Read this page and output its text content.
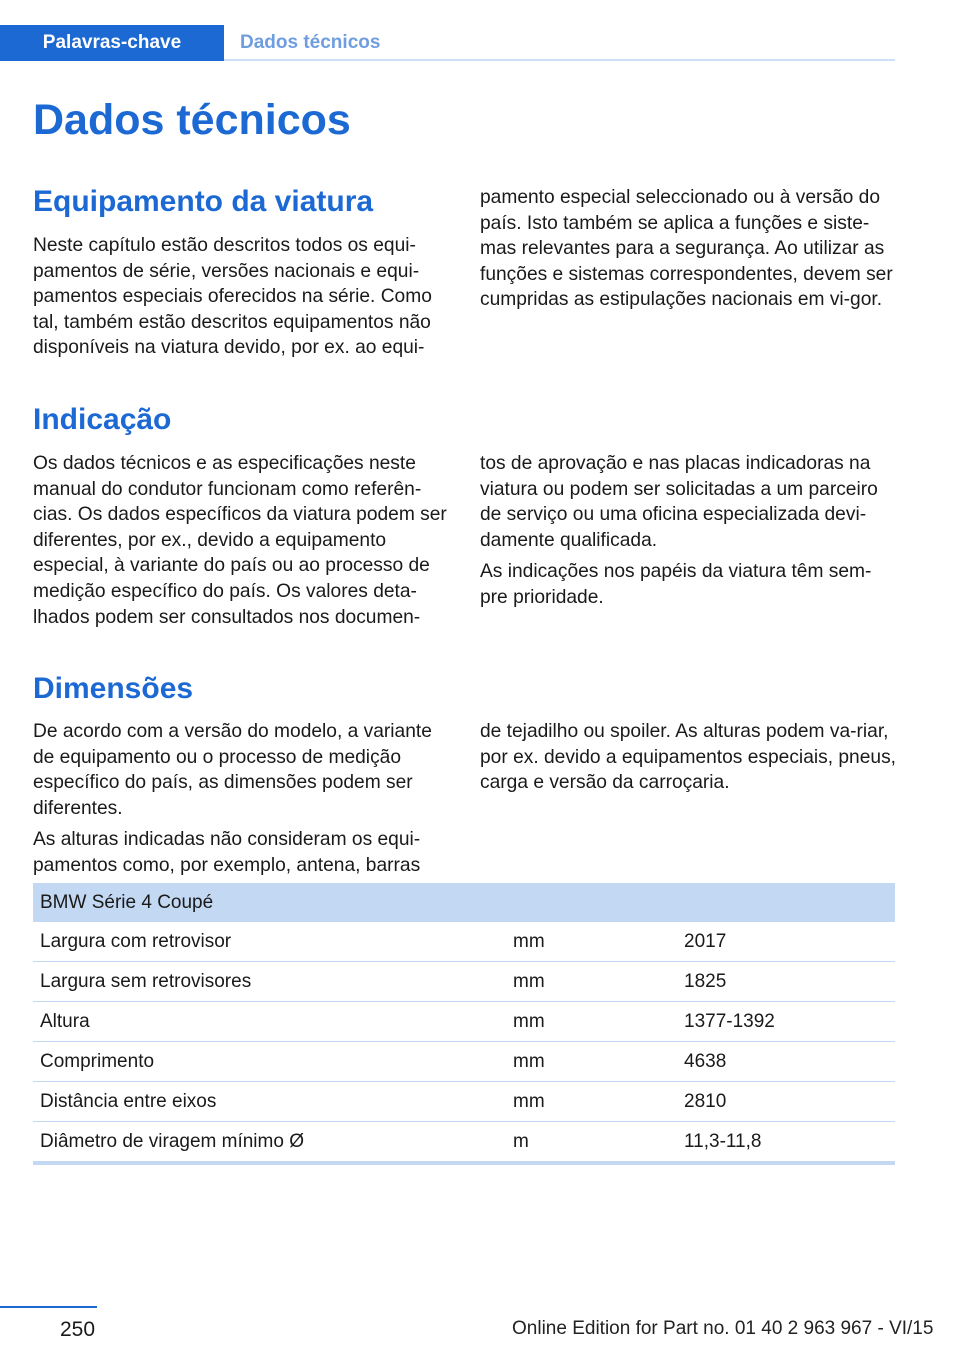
Palavras-chave	Dados técnicos
Dados técnicos
Equipamento da viatura

Neste capítulo estão descritos todos os equi-pamentos de série, versões nacionais e equi-pamentos especiais oferecidos na série. Como tal, também estão descritos equipamentos não disponíveis na viatura devido, por ex. ao equi-

pamento especial seleccionado ou à versão do país. Isto também se aplica a funções e siste-mas relevantes para a segurança. Ao utilizar as funções e sistemas correspondentes, devem ser cumpridas as estipulações nacionais em vi-gor.

Indicação

Os dados técnicos e as especificações neste manual do condutor funcionam como referên-cias. Os dados específicos da viatura podem ser diferentes, por ex., devido a equipamento especial, à variante do país ou ao processo de medição específico do país. Os valores deta-lhados podem ser consultados nos documen-

tos de aprovação e nas placas indicadoras na viatura ou podem ser solicitadas a um parceiro de serviço ou uma oficina especializada devi-damente qualificada.

As indicações nos papéis da viatura têm sem-pre prioridade.

Dimensões

De acordo com a versão do modelo, a variante de equipamento ou o processo de medição específico do país, as dimensões podem ser diferentes.

As alturas indicadas não consideram os equi-pamentos como, por exemplo, antena, barras

de tejadilho ou spoiler. As alturas podem va-riar, por ex. devido a equipamentos especiais, pneus, carga e versão da carroçaria.

BMW Série 4 Coupé		
Largura com retrovisor	mm	2017
Largura sem retrovisores	mm	1825
Altura	mm	1377-1392
Comprimento	mm	4638
Distância entre eixos	mm	2810
Diâmetro de viragem mínimo Ø	m	11,3-11,8
250	Online Edition for Part no. 01 40 2 963 967 - VI/15
